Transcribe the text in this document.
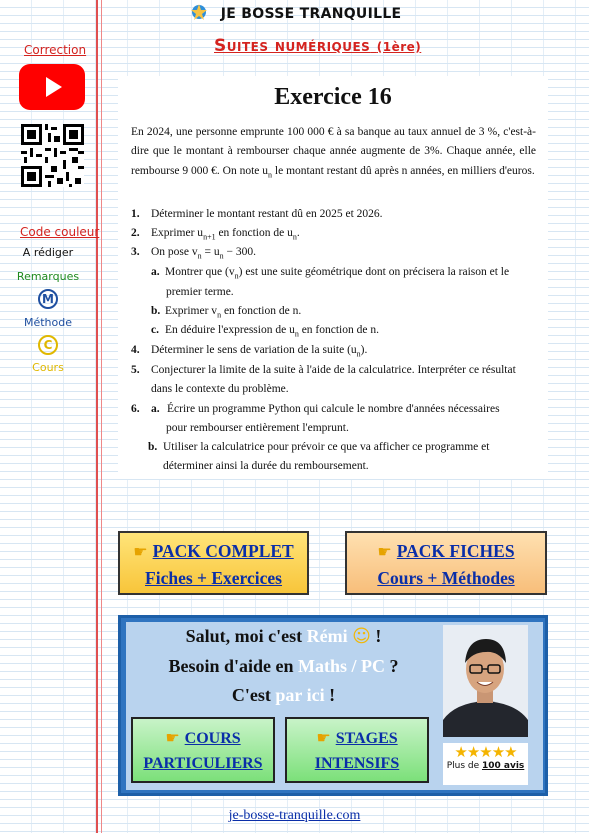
JE BOSSE TRANQUILLE
Suites numériques (1ère)
Correction
Code couleur
A rédiger
Remarques
M
Méthode
C
Cours
Exercice 16
En 2024, une personne emprunte 100 000 € à sa banque au taux annuel de 3 %, c'est-à-dire que le montant à rembourser chaque année augmente de 3%. Chaque année, elle rembourse 9 000 €. On note $u_n$ le montant restant dû après n années, en milliers d'euros.
1. Déterminer le montant restant dû en 2025 et 2026.
2. Exprimer $u_{n+1}$ en fonction de $u_n$.
3. On pose $v_n = u_n - 300$.
a. Montrer que $(v_n)$ est une suite géométrique dont on précisera la raison et le
premier terme.
b. Exprimer $v_n$ en fonction de n.
c. En déduire l'expression de $u_n$ en fonction de n.
4. Déterminer le sens de variation de la suite $(u_n)$.
5. Conjecturer la limite de la suite à l'aide de la calculatrice. Interpréter ce résultat
dans le contexte du problème.
6. a. Écrire un programme Python qui calcule le nombre d'années nécessaires
pour rembourser entièrement l'emprunt.
b. Utiliser la calculatrice pour prévoir ce que va afficher ce programme et
déterminer ainsi la durée du remboursement.
☛ PACK COMPLET
Fiches + Exercices
☛ PACK FICHES
Cours + Méthodes
Salut, moi c'est Rémi ☺ !
Besoin d'aide en Maths / PC ?
C'est par ici !
★★★★★
Plus de 100 avis
☛ COURS
PARTICULIERS
☛ STAGES
INTENSIFS
je-bosse-tranquille.com
